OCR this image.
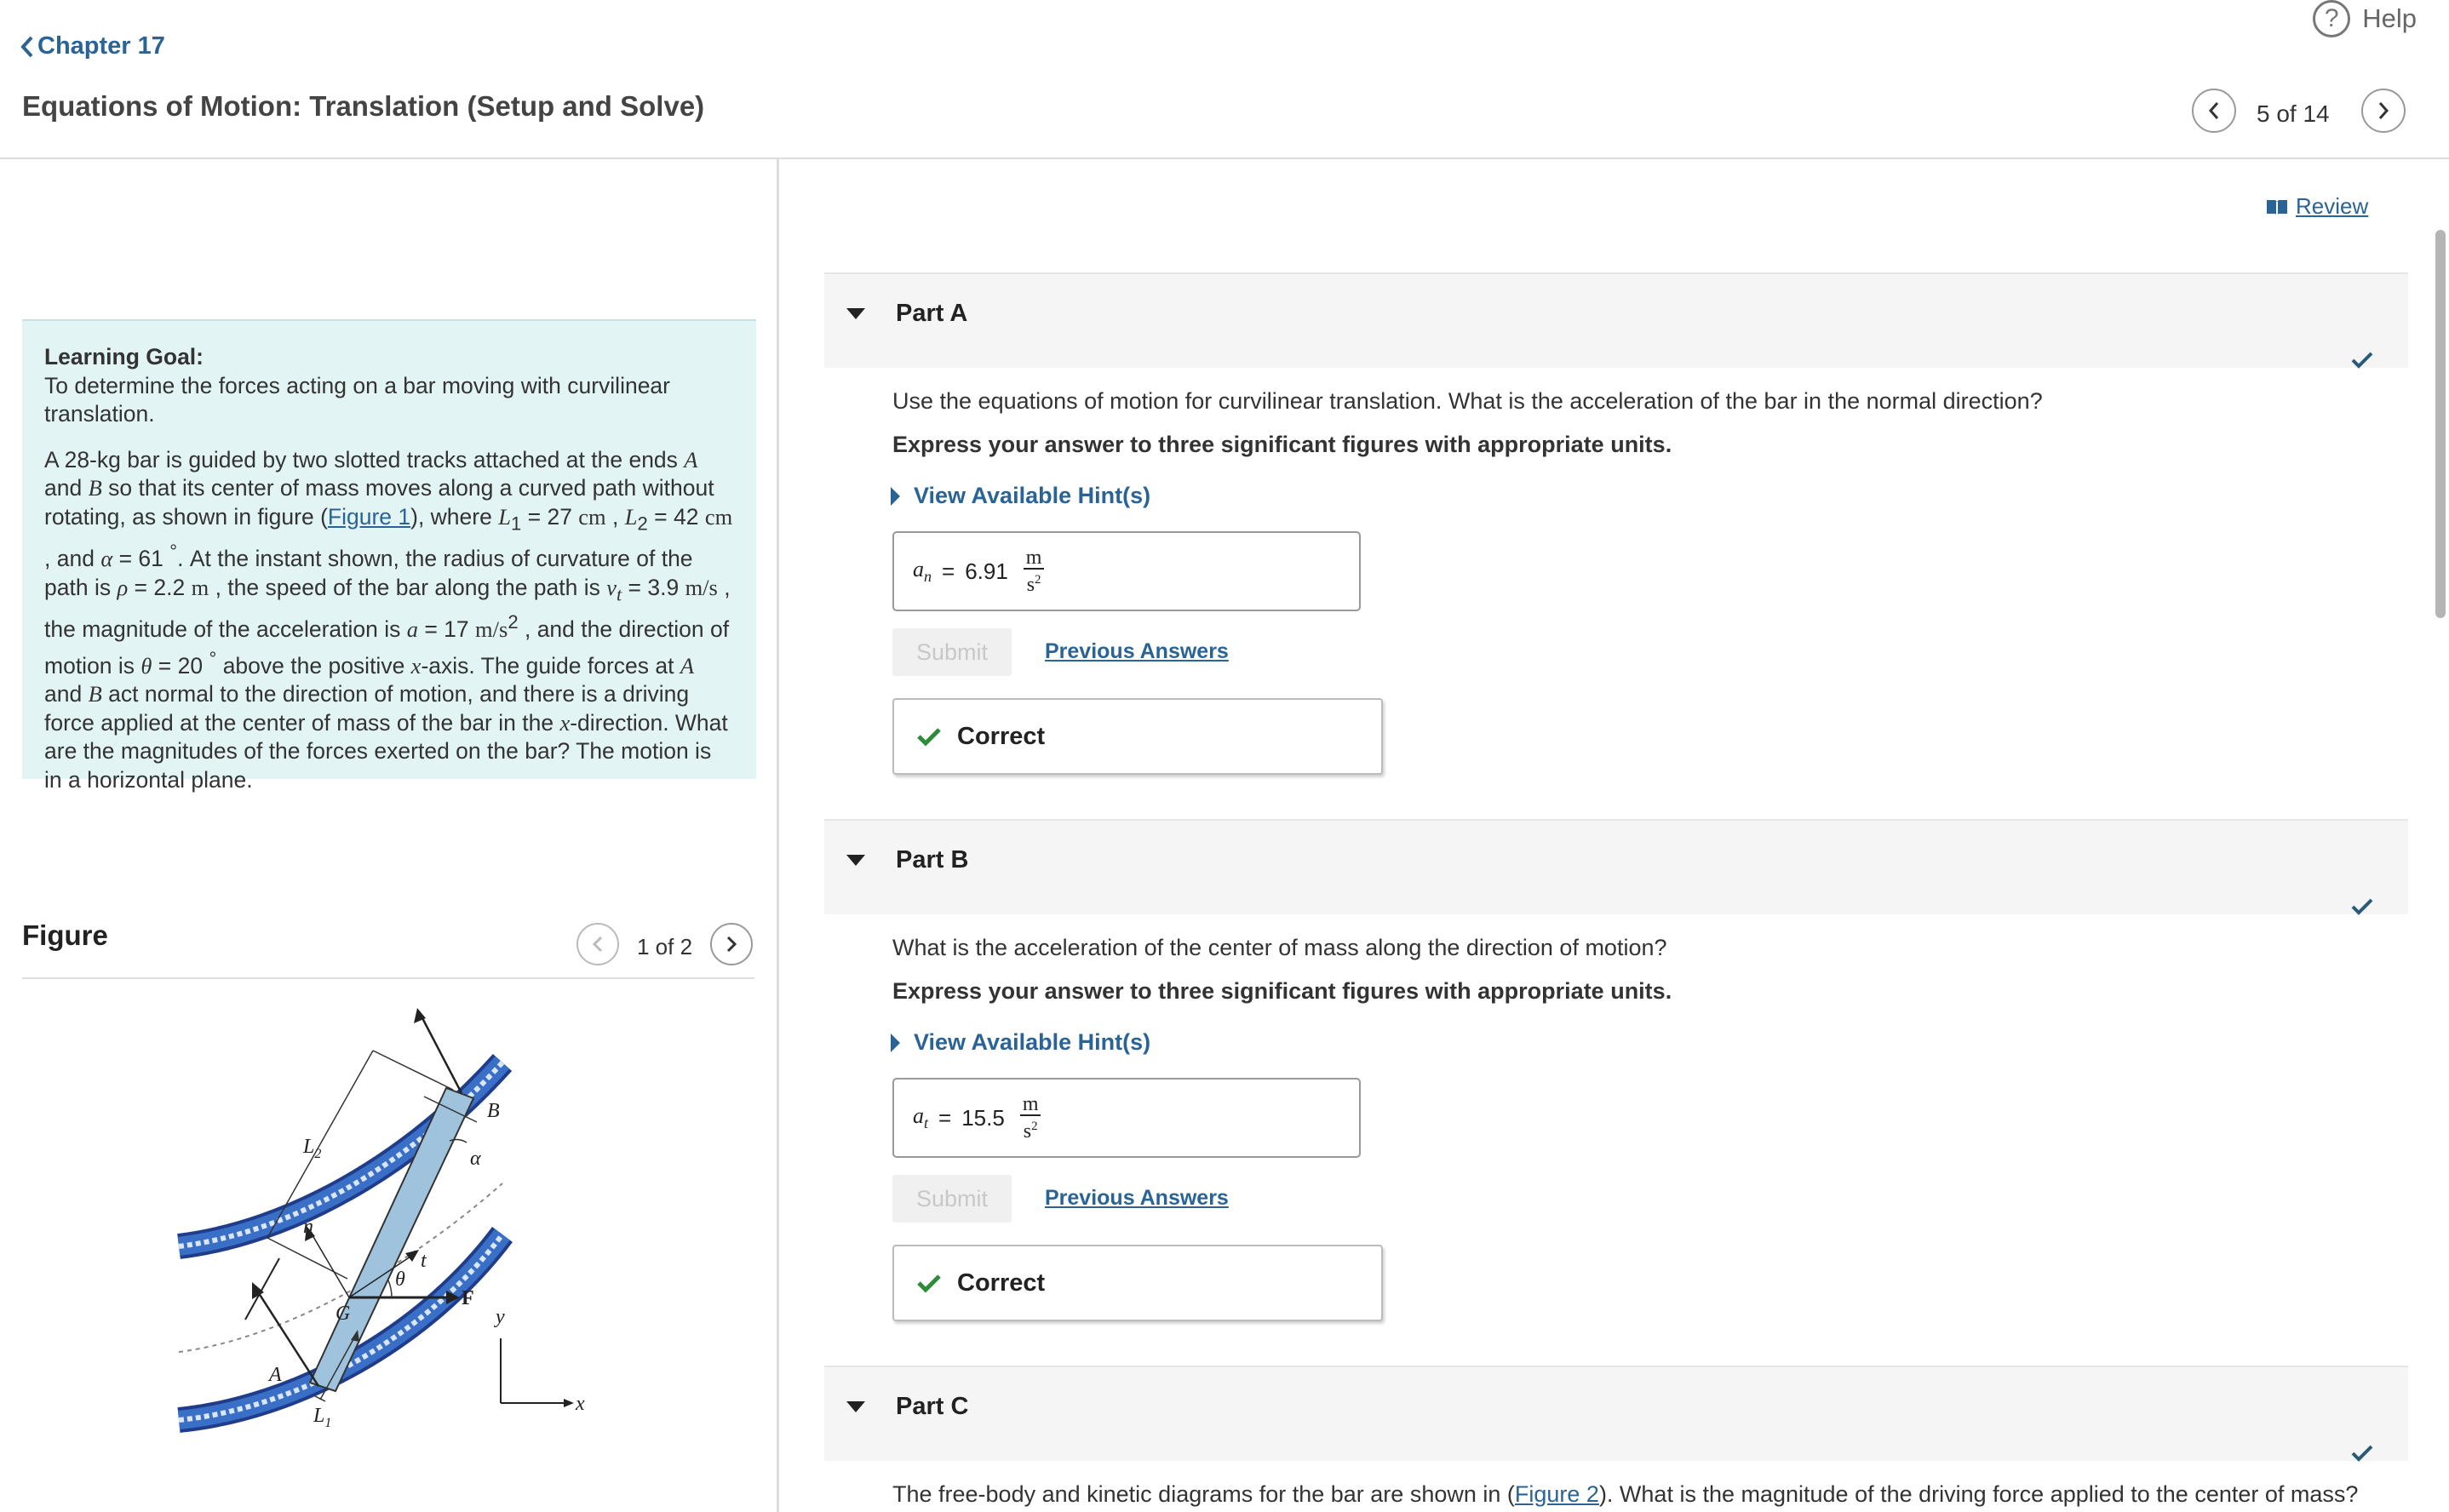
Chapter 17
Equations of Motion: Translation (Setup and Solve)
? Help
5 of 14

Learning Goal:

To determine the forces acting on a bar moving with curvilinear translation.

A 28-kg bar is guided by two slotted tracks attached at the ends A and B so that its center of mass moves along a curved path without rotating, as shown in figure (Figure 1), where $L_1 = 27$ cm , $L_2 = 42$ cm , and α = 61 °. At the instant shown, the radius of curvature of the path is ρ = 2.2 m , the speed of the bar along the path is $v_t = 3.9$ m/s , the magnitude of the acceleration is a = 17 $m/s^2$ , and the direction of motion is θ = 20 ° above the positive x-axis. The guide forces at A and B act normal to the direction of motion, and there is a driving force applied at the center of mass of the bar in the x-direction. What are the magnitudes of the forces exerted on the bar? The motion is in a horizontal plane.

Figure	1 of 2
B
α
$L_2$
n
t
θ
F
G
A
y
x
$L_1$
Review
Part A
Use the equations of motion for curvilinear translation. What is the acceleration of the bar in the normal direction?
Express your answer to three significant figures with appropriate units.
View Available Hint(s)
$a_n = 6.91 \frac{m}{s^2}$
Submit	Previous Answers
Correct
Part B
What is the acceleration of the center of mass along the direction of motion?
Express your answer to three significant figures with appropriate units.
View Available Hint(s)
$a_t = 15.5 \frac{m}{s^2}$
Submit	Previous Answers
Correct
Part C
The free-body and kinetic diagrams for the bar are shown in (Figure 2). What is the magnitude of the driving force applied to the center of mass?
